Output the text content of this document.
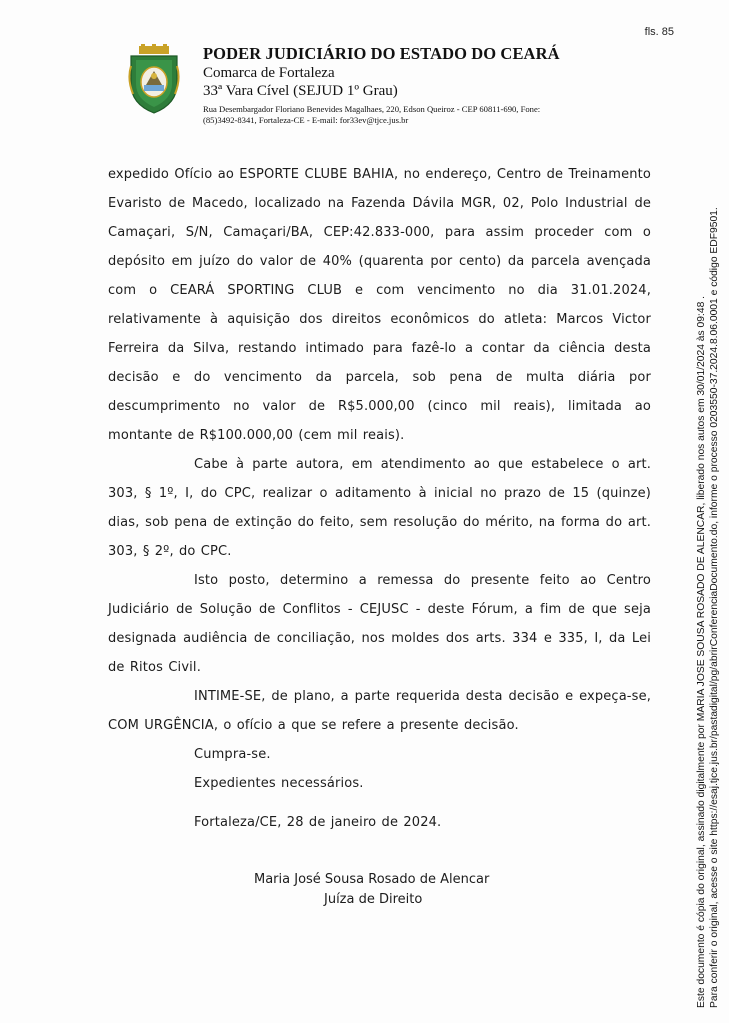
fls. 85
PODER JUDICIÁRIO DO ESTADO DO CEARÁ
Comarca de Fortaleza
33ª Vara Cível (SEJUD 1º Grau)
Rua Desembargador Floriano Benevides Magalhaes, 220, Edson Queiroz - CEP 60811-690, Fone:
(85)3492-8341, Fortaleza-CE - E-mail: for33ev@tjce.jus.br

expedido Ofício ao ESPORTE CLUBE BAHIA, no endereço, Centro de Treinamento Evaristo de Macedo, localizado na Fazenda Dávila MGR, 02, Polo Industrial de Camaçari, S/N, Camaçari/BA, CEP:42.833-000, para assim proceder com o depósito em juízo do valor de 40% (quarenta por cento) da parcela avençada com o CEARÁ SPORTING CLUB e com vencimento no dia 31.01.2024, relativamente à aquisição dos direitos econômicos do atleta: Marcos Victor Ferreira da Silva, restando intimado para fazê-lo a contar da ciência desta decisão e do vencimento da parcela, sob pena de multa diária por descumprimento no valor de R$5.000,00 (cinco mil reais), limitada ao montante de R$100.000,00 (cem mil reais).

Cabe à parte autora, em atendimento ao que estabelece o art. 303, § 1º, I, do CPC, realizar o aditamento à inicial no prazo de 15 (quinze) dias, sob pena de extinção do feito, sem resolução do mérito, na forma do art. 303, § 2º, do CPC.

Isto posto, determino a remessa do presente feito ao Centro Judiciário de Solução de Conflitos - CEJUSC - deste Fórum, a fim de que seja designada audiência de conciliação, nos moldes dos arts. 334 e 335, I, da Lei de Ritos Civil.

INTIME-SE, de plano, a parte requerida desta decisão e expeça-se, COM URGÊNCIA, o ofício a que se refere a presente decisão.

Cumpra-se.

Expedientes necessários.

Fortaleza/CE, 28 de janeiro de 2024.

Maria José Sousa Rosado de Alencar
Juíza de Direito	Este documento é cópia do original, assinado digitalmente por MARIA JOSE SOUSA ROSADO DE ALENCAR, liberado nos autos em 30/01/2024 às 09:48 . Para conferir o original, acesse o site https://esaj.tjce.jus.br/pastadigital/pg/abrirConferenciaDocumento.do, informe o processo 0203550-37.2024.8.06.0001 e código EDF9501.
